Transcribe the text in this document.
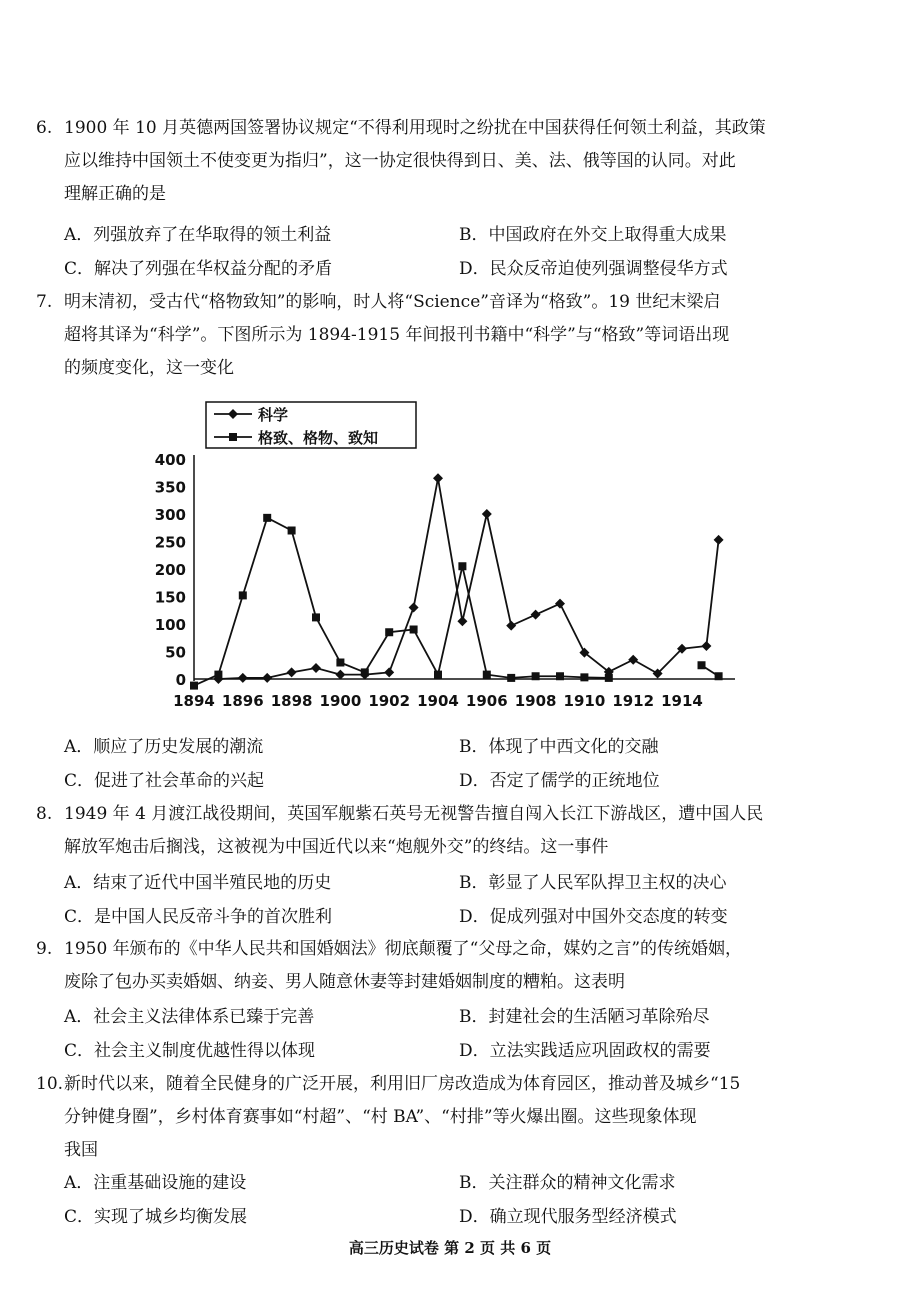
6. 1900 年 10 月英德两国签署协议规定“不得利用现时之纷扰在中国获得任何领土利益，其政策
应以维持中国领土不使变更为指归”，这一协定很快得到日、美、法、俄等国的认同。对此
理解正确的是
A．列强放弃了在华取得的领土利益	B．中国政府在外交上取得重大成果
C．解决了列强在华权益分配的矛盾	D．民众反帝迫使列强调整侵华方式
7. 明末清初，受古代“格物致知”的影响，时人将“Science”音译为“格致”。19 世纪末梁启
超将其译为“科学”。下图所示为 1894-1915 年间报刊书籍中“科学”与“格致”等词语出现
的频度变化，这一变化
400
350
300
250
200
150
100
50
0
1894 1896 1898 1900 1902 1904 1906 1908 1910 1912 1914
科学
格致、格物、致知
A．顺应了历史发展的潮流	B．体现了中西文化的交融
C．促进了社会革命的兴起	D．否定了儒学的正统地位
8. 1949 年 4 月渡江战役期间，英国军舰紫石英号无视警告擅自闯入长江下游战区，遭中国人民
解放军炮击后搁浅，这被视为中国近代以来“炮舰外交”的终结。这一事件
A．结束了近代中国半殖民地的历史	B．彰显了人民军队捍卫主权的决心
C．是中国人民反帝斗争的首次胜利	D．促成列强对中国外交态度的转变
9. 1950 年颁布的《中华人民共和国婚姻法》彻底颠覆了“父母之命，媒妁之言”的传统婚姻，
废除了包办买卖婚姻、纳妾、男人随意休妻等封建婚姻制度的糟粕。这表明
A．社会主义法律体系已臻于完善	B．封建社会的生活陋习革除殆尽
C．社会主义制度优越性得以体现	D．立法实践适应巩固政权的需要
10.新时代以来，随着全民健身的广泛开展，利用旧厂房改造成为体育园区，推动普及城乡“15
分钟健身圈”，乡村体育赛事如“村超”、“村 BA”、“村排”等火爆出圈。这些现象体现
我国
A．注重基础设施的建设	B．关注群众的精神文化需求
C．实现了城乡均衡发展	D．确立现代服务型经济模式
高三历史试卷 第 2 页 共 6 页
